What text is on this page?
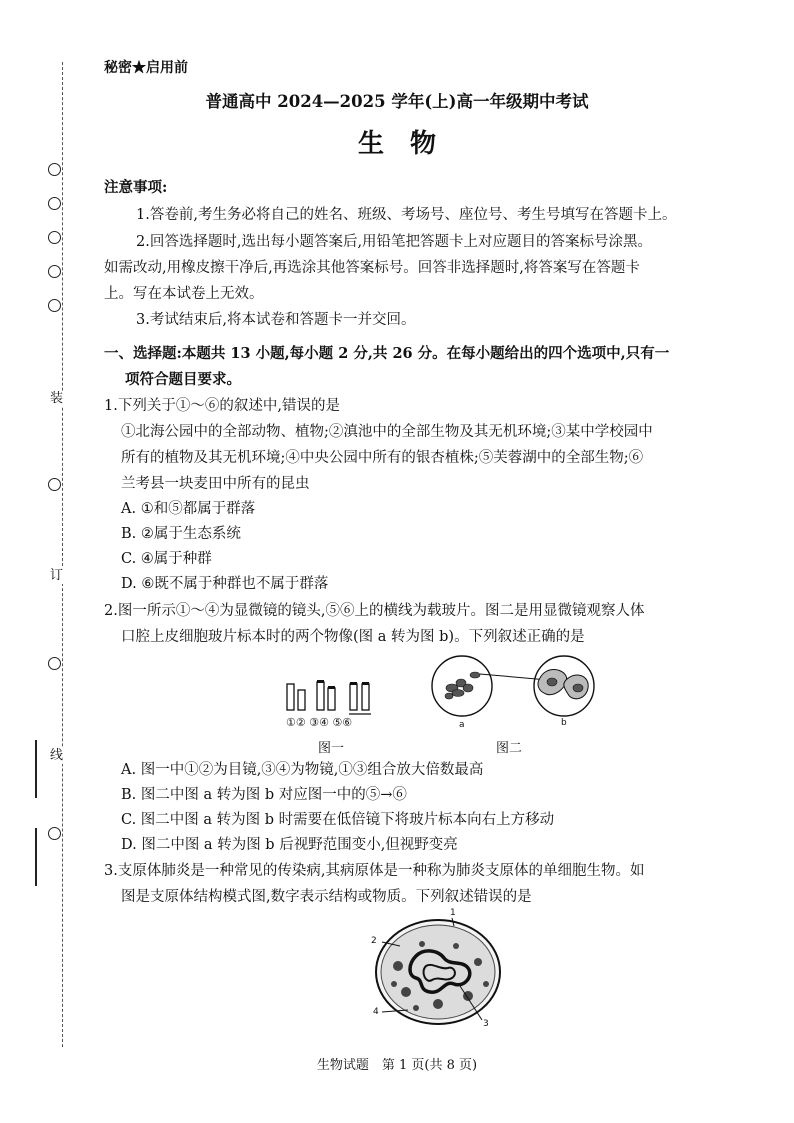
装
订
线
秘密★启用前
普通高中 2024—2025 学年(上)高一年级期中考试
生　物
注意事项:
1.答卷前,考生务必将自己的姓名、班级、考场号、座位号、考生号填写在答题卡上。
2.回答选择题时,选出每小题答案后,用铅笔把答题卡上对应题目的答案标号涂黑。
如需改动,用橡皮擦干净后,再选涂其他答案标号。回答非选择题时,将答案写在答题卡
上。写在本试卷上无效。
3.考试结束后,将本试卷和答题卡一并交回。
一、选择题:本题共 13 小题,每小题 2 分,共 26 分。在每小题给出的四个选项中,只有一
项符合题目要求。
1.下列关于①～⑥的叙述中,错误的是
①北海公园中的全部动物、植物;②滇池中的全部生物及其无机环境;③某中学校园中
所有的植物及其无机环境;④中央公园中所有的银杏植株;⑤芙蓉湖中的全部生物;⑥
兰考县一块麦田中所有的昆虫
A. ①和⑤都属于群落
B. ②属于生态系统
C. ④属于种群
D. ⑥既不属于种群也不属于群落
2.图一所示①～④为显微镜的镜头,⑤⑥上的横线为载玻片。图二是用显微镜观察人体
口腔上皮细胞玻片标本时的两个物像(图 a 转为图 b)。下列叙述正确的是
①② ③④ ⑤⑥
图一
a	b
图二
A. 图一中①②为目镜,③④为物镜,①③组合放大倍数最高
B. 图二中图 a 转为图 b 对应图一中的⑤→⑥
C. 图二中图 a 转为图 b 时需要在低倍镜下将玻片标本向右上方移动
D. 图二中图 a 转为图 b 后视野范围变小,但视野变亮
3.支原体肺炎是一种常见的传染病,其病原体是一种称为肺炎支原体的单细胞生物。如
图是支原体结构模式图,数字表示结构或物质。下列叙述错误的是
1
2
3
4
生物试题　第 1 页(共 8 页)
